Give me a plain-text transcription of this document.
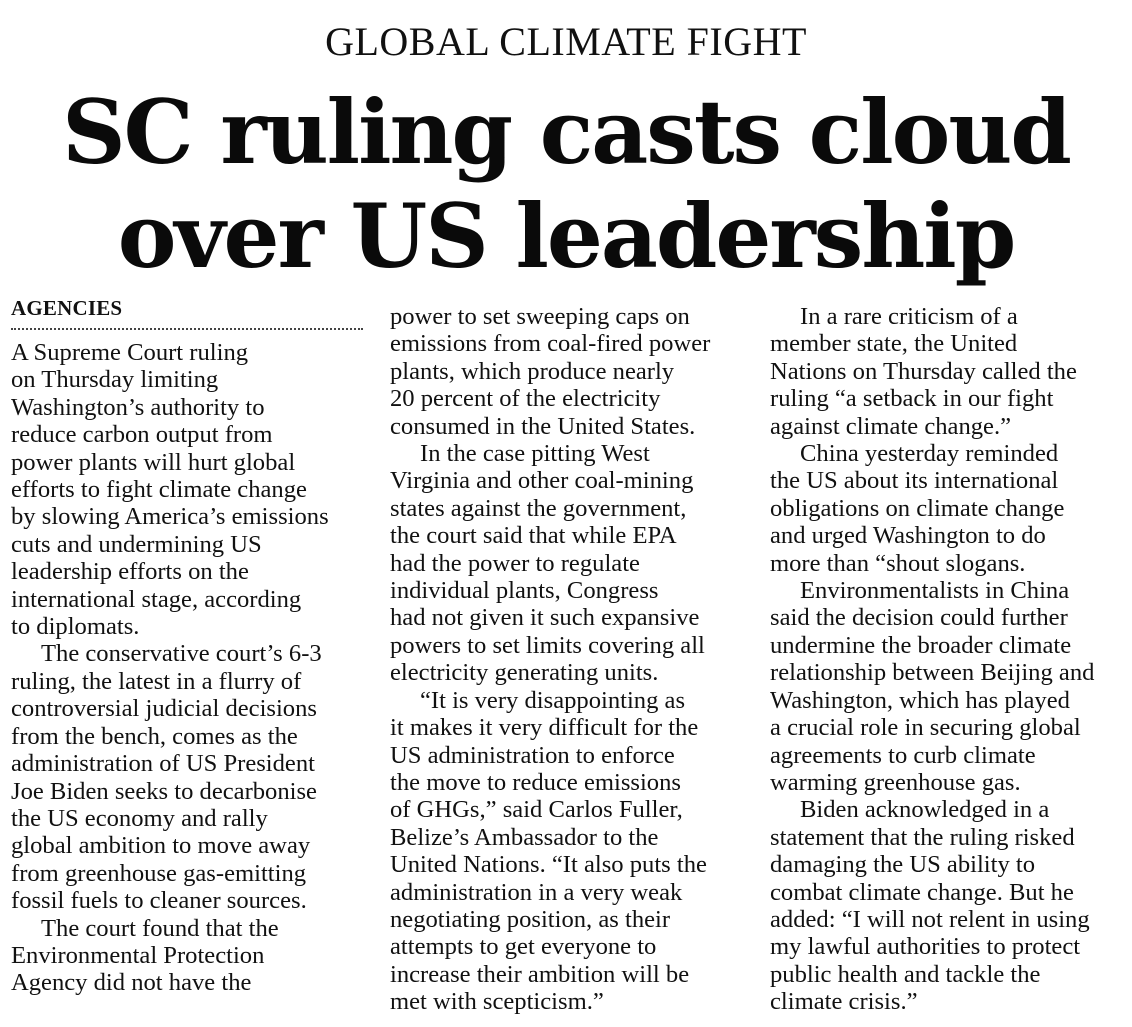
GLOBAL CLIMATE FIGHT
SC ruling casts cloud
over US leadership
AGENCIES
A Supreme Court ruling
on Thursday limiting
Washington’s authority to
reduce carbon output from
power plants will hurt global
efforts to fight climate change
by slowing America’s emissions
cuts and undermining US
leadership efforts on the
international stage, according
to diplomats.
The conservative court’s 6-3
ruling, the latest in a flurry of
controversial judicial decisions
from the bench, comes as the
administration of US President
Joe Biden seeks to decarbonise
the US economy and rally
global ambition to move away
from greenhouse gas-emitting
fossil fuels to cleaner sources.
The court found that the
Environmental Protection
Agency did not have the
power to set sweeping caps on
emissions from coal-fired power
plants, which produce nearly
20 percent of the electricity
consumed in the United States.
In the case pitting West
Virginia and other coal-mining
states against the government,
the court said that while EPA
had the power to regulate
individual plants, Congress
had not given it such expansive
powers to set limits covering all
electricity generating units.
“It is very disappointing as
it makes it very difficult for the
US administration to enforce
the move to reduce emissions
of GHGs,” said Carlos Fuller,
Belize’s Ambassador to the
United Nations. “It also puts the
administration in a very weak
negotiating position, as their
attempts to get everyone to
increase their ambition will be
met with scepticism.”
In a rare criticism of a
member state, the United
Nations on Thursday called the
ruling “a setback in our fight
against climate change.”
China yesterday reminded
the US about its international
obligations on climate change
and urged Washington to do
more than “shout slogans.
Environmentalists in China
said the decision could further
undermine the broader climate
relationship between Beijing and
Washington, which has played
a crucial role in securing global
agreements to curb climate
warming greenhouse gas.
Biden acknowledged in a
statement that the ruling risked
damaging the US ability to
combat climate change. But he
added: “I will not relent in using
my lawful authorities to protect
public health and tackle the
climate crisis.”
